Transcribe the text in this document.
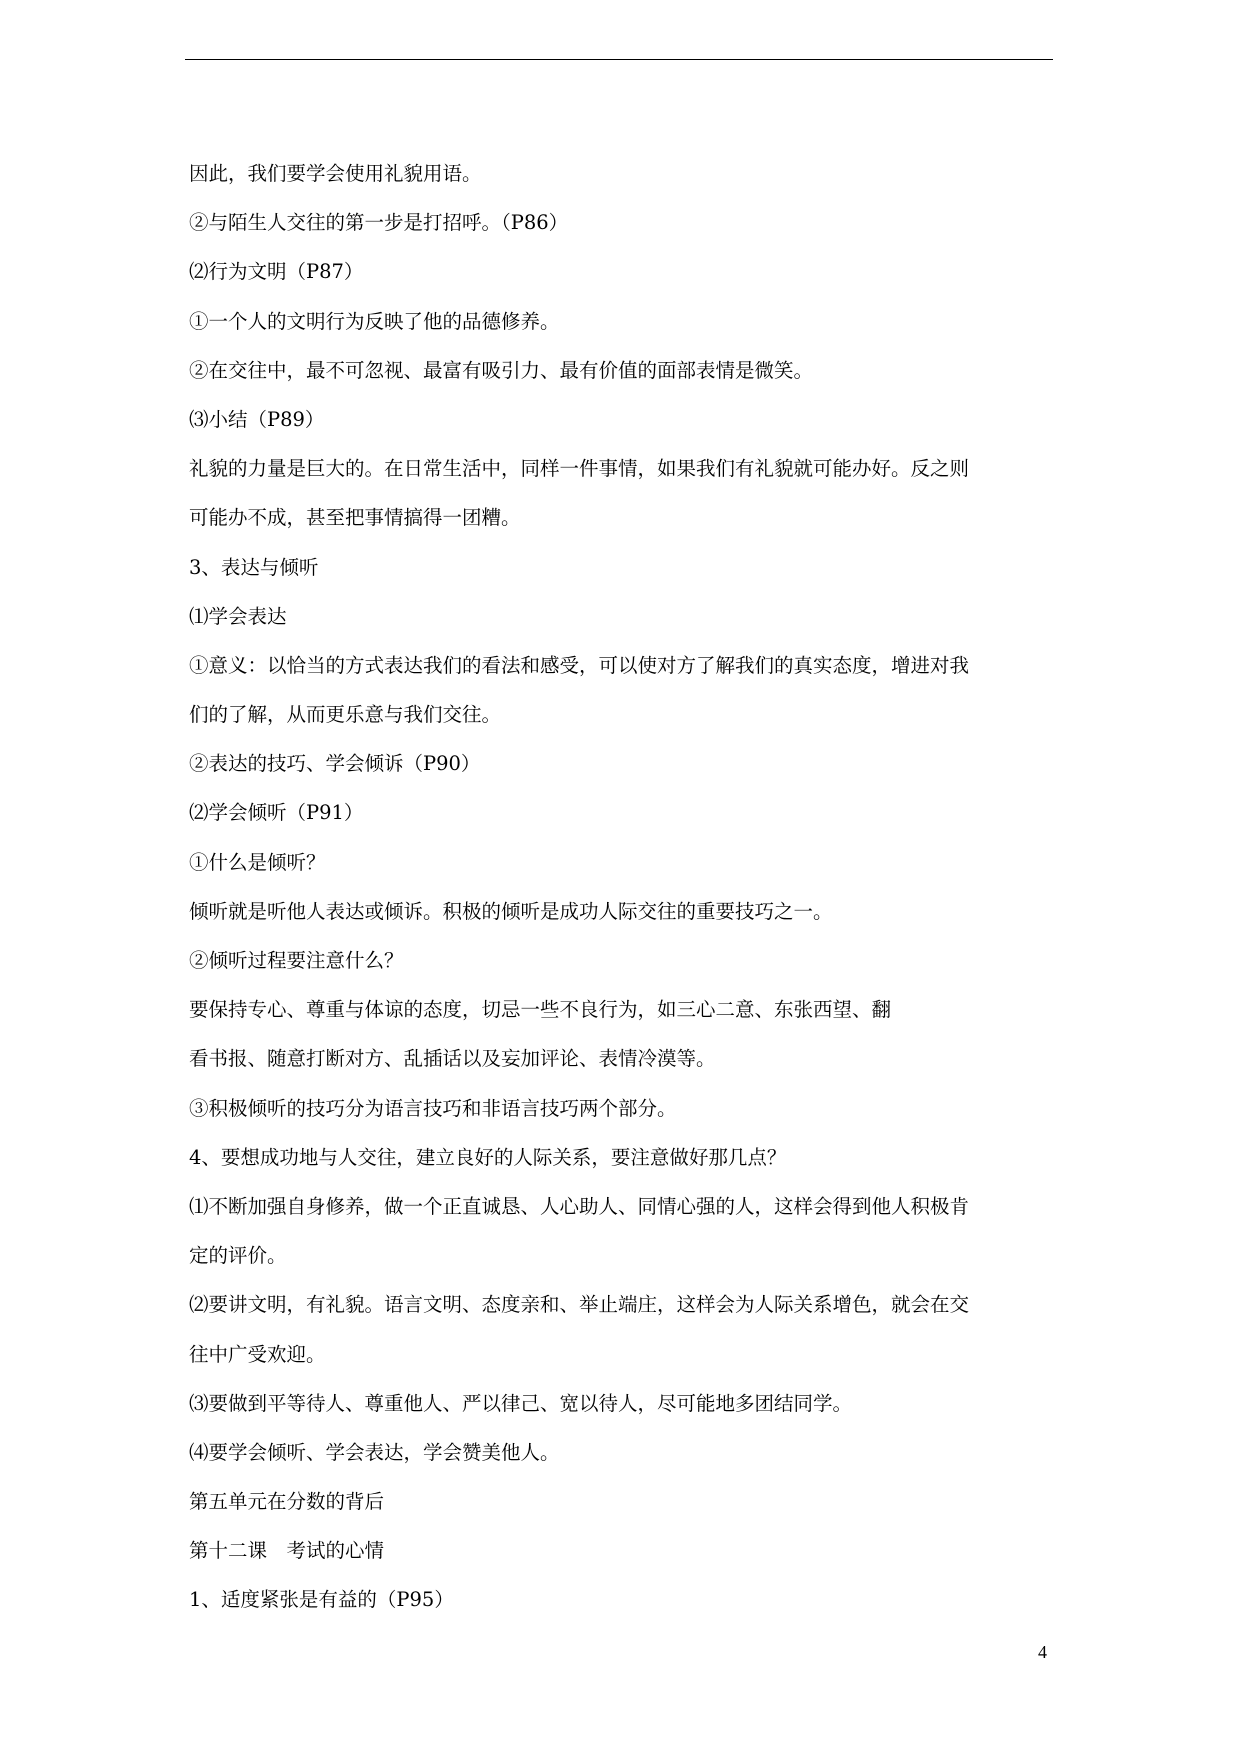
因此，我们要学会使用礼貌用语。
②与陌生人交往的第一步是打招呼。（P86）
⑵行为文明（P87）
①一个人的文明行为反映了他的品德修养。
②在交往中，最不可忽视、最富有吸引力、最有价值的面部表情是微笑。
⑶小结（P89）
礼貌的力量是巨大的。在日常生活中，同样一件事情，如果我们有礼貌就可能办好。反之则
可能办不成，甚至把事情搞得一团糟。
3、表达与倾听
⑴学会表达
①意义：以恰当的方式表达我们的看法和感受，可以使对方了解我们的真实态度，增进对我
们的了解，从而更乐意与我们交往。
②表达的技巧、学会倾诉（P90）
⑵学会倾听（P91）
①什么是倾听？
倾听就是听他人表达或倾诉。积极的倾听是成功人际交往的重要技巧之一。
②倾听过程要注意什么？
要保持专心、尊重与体谅的态度，切忌一些不良行为，如三心二意、东张西望、翻
看书报、随意打断对方、乱插话以及妄加评论、表情冷漠等。
③积极倾听的技巧分为语言技巧和非语言技巧两个部分。
4、要想成功地与人交往，建立良好的人际关系，要注意做好那几点？
⑴不断加强自身修养，做一个正直诚恳、人心助人、同情心强的人，这样会得到他人积极肯
定的评价。
⑵要讲文明，有礼貌。语言文明、态度亲和、举止端庄，这样会为人际关系增色，就会在交
往中广受欢迎。
⑶要做到平等待人、尊重他人、严以律己、宽以待人，尽可能地多团结同学。
⑷要学会倾听、学会表达，学会赞美他人。
第五单元在分数的背后
第十二课　考试的心情
1、适度紧张是有益的（P95）
4
